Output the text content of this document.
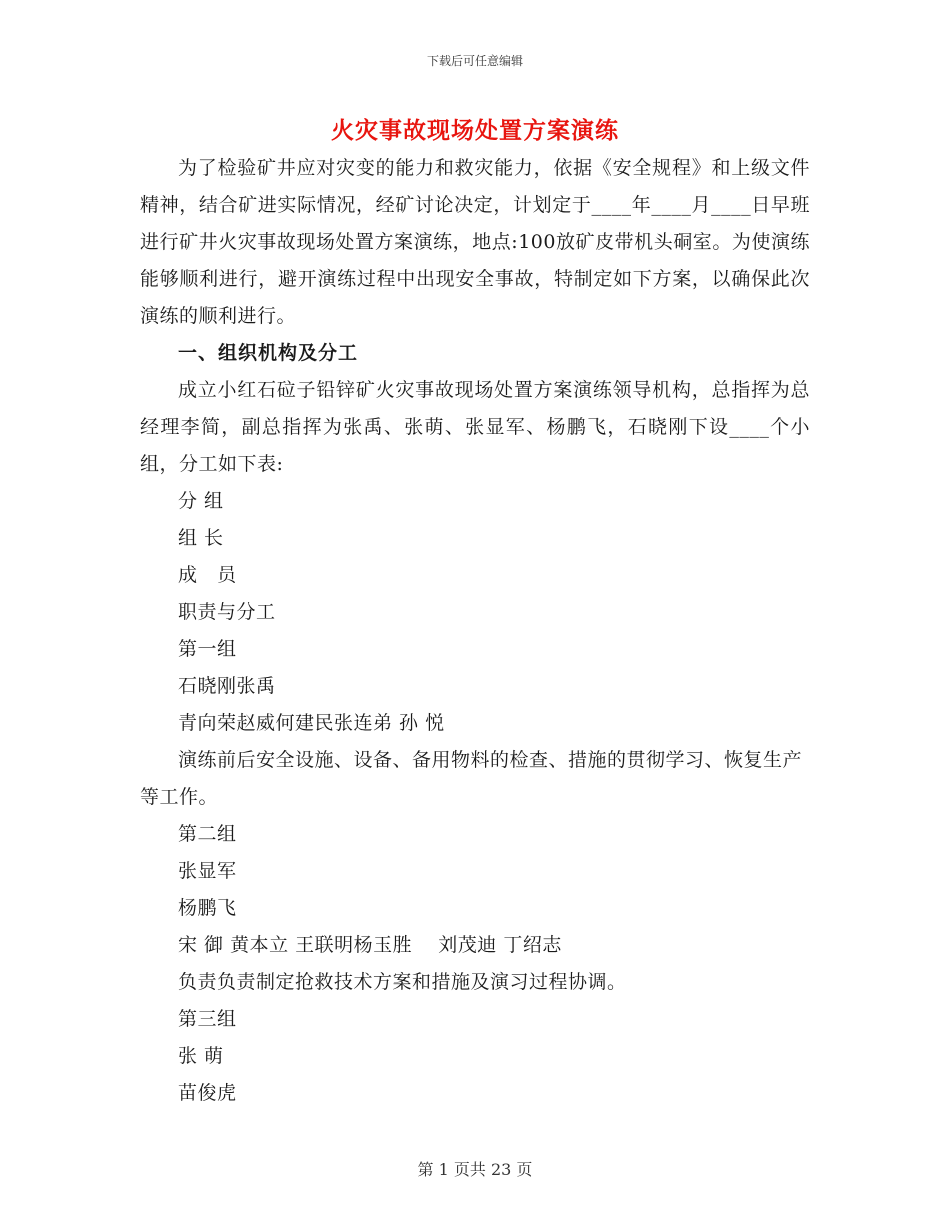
下载后可任意编辑
火灾事故现场处置方案演练

为了检验矿井应对灾变的能力和救灾能力，依据《安全规程》和上级文件精神，结合矿进实际情况，经矿讨论决定，计划定于____年____月____日早班进行矿井火灾事故现场处置方案演练，地点:100放矿皮带机头硐室。为使演练能够顺利进行，避开演练过程中出现安全事故，特制定如下方案，以确保此次演练的顺利进行。

一、组织机构及分工

成立小红石砬子铅锌矿火灾事故现场处置方案演练领导机构，总指挥为总经理李简，副总指挥为张禹、张萌、张显军、杨鹏飞，石晓刚下设____个小组，分工如下表:

分 组

组 长

成   员

职责与分工

第一组

石晓刚张禹

青向荣赵威何建民张连弟 孙 悦

演练前后安全设施、设备、备用物料的检查、措施的贯彻学习、恢复生产等工作。

第二组

张显军

杨鹏飞

宋 御 黄本立 王联明杨玉胜    刘茂迪 丁绍志

负责负责制定抢救技术方案和措施及演习过程协调。

第三组

张 萌

苗俊虎

第 1 页共 23 页
